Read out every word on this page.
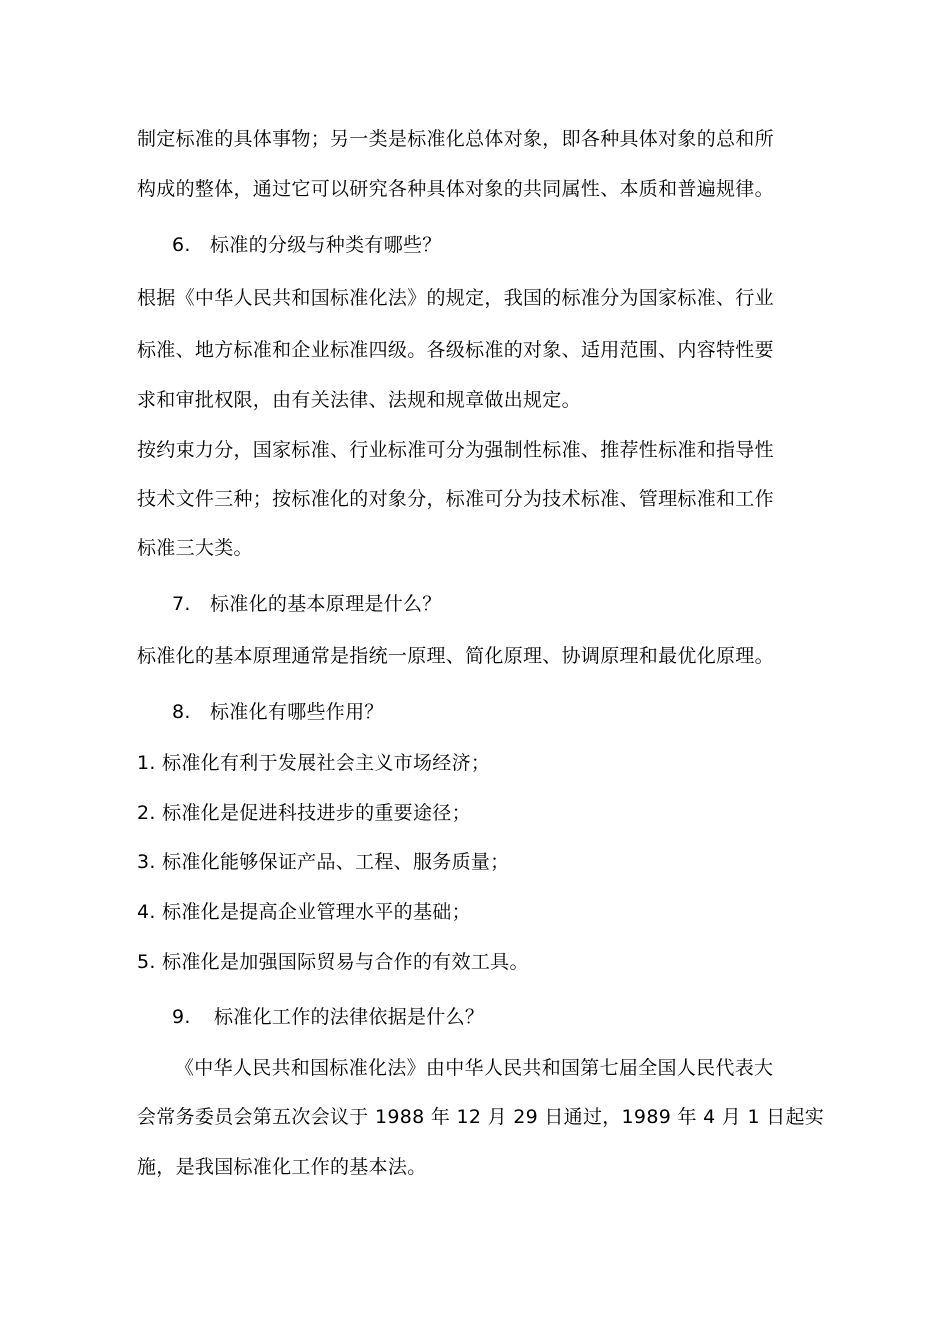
制定标准的具体事物；另一类是标准化总体对象，即各种具体对象的总和所
构成的整体，通过它可以研究各种具体对象的共同属性、本质和普遍规律。
6. 标准的分级与种类有哪些？
根据《中华人民共和国标准化法》的规定，我国的标准分为国家标准、行业
标准、地方标准和企业标准四级。各级标准的对象、适用范围、内容特性要
求和审批权限，由有关法律、法规和规章做出规定。
按约束力分，国家标准、行业标准可分为强制性标准、推荐性标准和指导性
技术文件三种；按标准化的对象分，标准可分为技术标准、管理标准和工作
标准三大类。
7. 标准化的基本原理是什么？
标准化的基本原理通常是指统一原理、简化原理、协调原理和最优化原理。
8. 标准化有哪些作用？
1. 标准化有利于发展社会主义市场经济；
2. 标准化是促进科技进步的重要途径；
3. 标准化能够保证产品、工程、服务质量；
4. 标准化是提高企业管理水平的基础；
5. 标准化是加强国际贸易与合作的有效工具。
9. 标准化工作的法律依据是什么？
《中华人民共和国标准化法》由中华人民共和国第七届全国人民代表大
会常务委员会第五次会议于 1988 年 12 月 29 日通过，1989 年 4 月 1 日起实
施，是我国标准化工作的基本法。
